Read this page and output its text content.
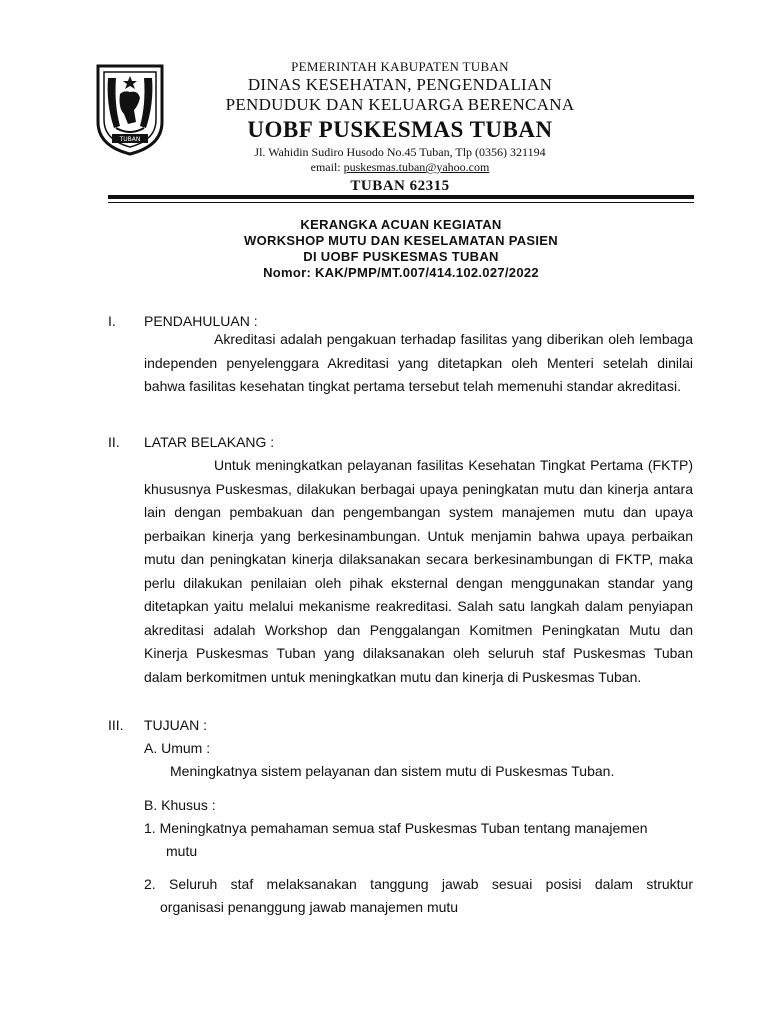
TUBAN
PEMERINTAH KABUPATEN TUBAN
DINAS KESEHATAN, PENGENDALIAN
PENDUDUK DAN KELUARGA BERENCANA
UOBF PUSKESMAS TUBAN
Jl. Wahidin Sudiro Husodo No.45 Tuban, Tlp (0356) 321194
email: puskesmas.tuban@yahoo.com
TUBAN 62315
KERANGKA ACUAN KEGIATAN
WORKSHOP MUTU DAN KESELAMATAN PASIEN
DI UOBF PUSKESMAS TUBAN
Nomor: KAK/PMP/MT.007/414.102.027/2022
I. PENDAHULUAN :

Akreditasi adalah pengakuan terhadap fasilitas yang diberikan oleh lembaga independen penyelenggara Akreditasi yang ditetapkan oleh Menteri setelah dinilai bahwa fasilitas kesehatan tingkat pertama tersebut telah memenuhi standar akreditasi.

II. LATAR BELAKANG :

Untuk meningkatkan pelayanan fasilitas Kesehatan Tingkat Pertama (FKTP) khususnya Puskesmas, dilakukan berbagai upaya peningkatan mutu dan kinerja antara lain dengan pembakuan dan pengembangan system manajemen mutu dan upaya perbaikan kinerja yang berkesinambungan. Untuk menjamin bahwa upaya perbaikan mutu dan peningkatan kinerja dilaksanakan secara berkesinambungan di FKTP, maka perlu dilakukan penilaian oleh pihak eksternal dengan menggunakan standar yang ditetapkan yaitu melalui mekanisme reakreditasi. Salah satu langkah dalam penyiapan akreditasi adalah Workshop dan Penggalangan Komitmen Peningkatan Mutu dan Kinerja Puskesmas Tuban yang dilaksanakan oleh seluruh staf Puskesmas Tuban dalam berkomitmen untuk meningkatkan mutu dan kinerja di Puskesmas Tuban.

III. TUJUAN :
A. Umum :
Meningkatnya sistem pelayanan dan sistem mutu di Puskesmas Tuban.
B. Khusus :
1. Meningkatnya pemahaman semua staf Puskesmas Tuban tentang manajemen
mutu
2. Seluruh staf melaksanakan tanggung jawab sesuai posisi dalam struktur
organisasi penanggung jawab manajemen mutu
